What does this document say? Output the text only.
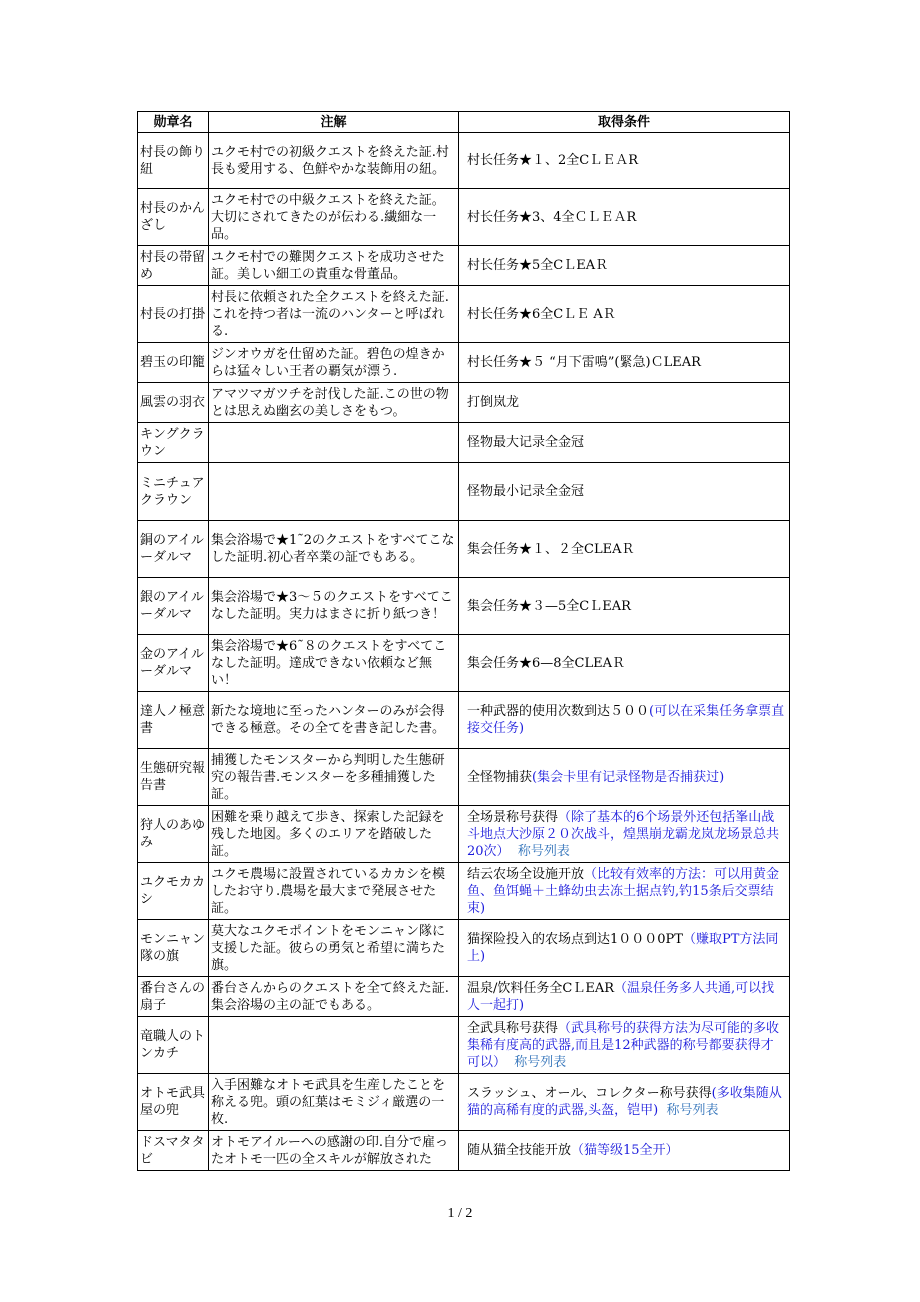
勋章名	注解	取得条件
村長の飾り紐	ユクモ村での初級クエストを終えた証.村長も愛用する、色鮮やかな装飾用の紐。	村长任务★１、2全CＬＥＡR
村長のかんざし	ユクモ村での中級クエストを終えた証。大切にされてきたのが伝わる.繊細な一品。	村长任务★3、4全ＣＬＥＡR
村長の帯留め	ユクモ村での難関クエストを成功させた証。美しい細工の貴重な骨董品。	村长任务★5全CＬEAＲ
村長の打掛	村長に依頼された全クエストを終えた証.これを持つ者は一流のハンターと呼ばれる.	村长任务★6全CＬＥ AＲ
碧玉の印籠	ジンオウガを仕留めた証。碧色の煌きからは猛々しい王者の覇気が漂う.	村长任务★５ “月下雷鳴”(緊急)ＣLEAR
風雲の羽衣	アマツマガツチを討伐した証.この世の物とは思えぬ幽玄の美しさをもつ。	打倒岚龙
キングクラウン		怪物最大记录全金冠
ミニチュアクラウン		怪物最小记录全金冠
銅のアイルーダルマ	集会浴場で★1˜2のクエストをすべてこなした証明.初心者卒業の証でもある。	集会任务★１、２全CLEAＲ
銀のアイルーダルマ	集会浴場で★3～５のクエストをすべてこなした証明。実力はまさに折り紙つき！	集会任务★３—5全CＬEAR
金のアイルーダルマ	集会浴場で★6˜８のクエストをすべてこなした証明。達成できない依頼など無い！	集会任务★6—8全CLEAＲ
達人ノ極意書	新たな境地に至ったハンターのみが会得できる極意。その全てを書き記した書。	一种武器的使用次数到达５００(可以在采集任务拿票直接交任务)
生態研究報告書	捕獲したモンスターから判明した生態研究の報告書.モンスターを多種捕獲した証。	全怪物捕获(集会卡里有记录怪物是否捕获过)
狩人のあゆみ	困難を乗り越えて歩き、探索した記録を残した地図。多くのエリアを踏破した証。	全场景称号获得（除了基本的6个场景外还包括峯山战斗地点大沙原２０次战斗，煌黑崩龙霸龙岚龙场景总共20次） 称号列表
ユクモカカシ	ユクモ農場に設置されているカカシを模したお守り.農場を最大まで発展させた証。	结云农场全设施开放（比较有效率的方法：可以用黄金鱼、鱼饵蝇＋土蜂幼虫去冻土据点钓,钓15条后交票结束)
モンニャン隊の旗	莫大なユクモポイントをモンニャン隊に支援した証。彼らの勇気と希望に満ちた旗。	猫探险投入的农场点到达1０００0PT（赚取PT方法同上)
番台さんの扇子	番台さんからのクエストを全て終えた証.集会浴場の主の証でもある。	温泉/饮料任务全CＬEAR（温泉任务多人共通,可以找人一起打)
竜職人のトンカチ		全武具称号获得（武具称号的获得方法为尽可能的多收集稀有度高的武器,而且是12种武器的称号都要获得才可以） 称号列表
オトモ武具屋の兜	入手困難なオトモ武具を生産したことを称える兜。頭の紅葉はモミジィ厳選の一枚.	スラッシュ、オール、コレクター称号获得(多收集随从猫的高稀有度的武器,头盔，铠甲) 称号列表
ドスマタタビ	オトモアイルーへの感謝の印.自分で雇ったオトモ一匹の全スキルが解放された	随从猫全技能开放（猫等级15全开）
1 / 2
